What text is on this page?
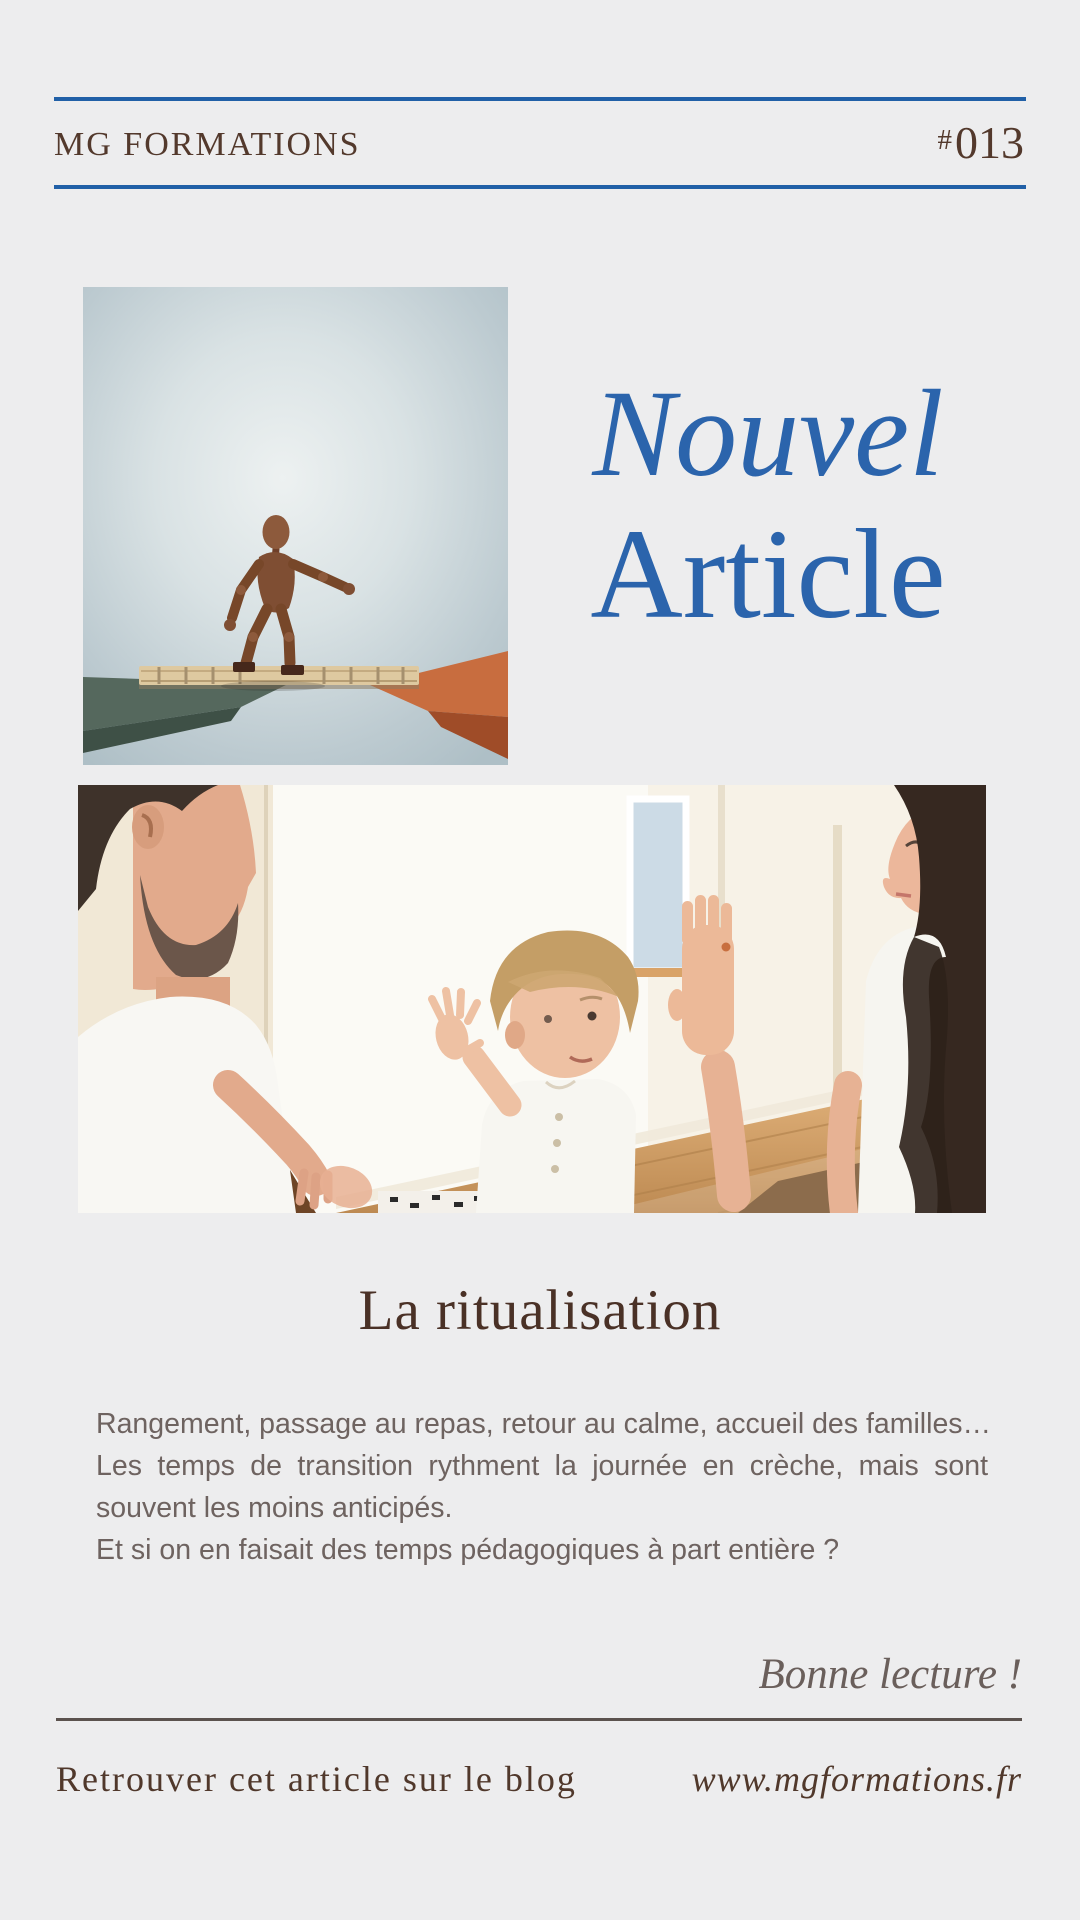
MG FORMATIONS	#013
Nouvel
Article
La ritualisation
Rangement, passage au repas, retour au calme, accueil des familles…
Les temps de transition rythment la journée en crèche, mais sont
souvent les moins anticipés.
Et si on en faisait des temps pédagogiques à part entière ?
Bonne lecture !
Retrouver cet article sur le blog	www.mgformations.fr
